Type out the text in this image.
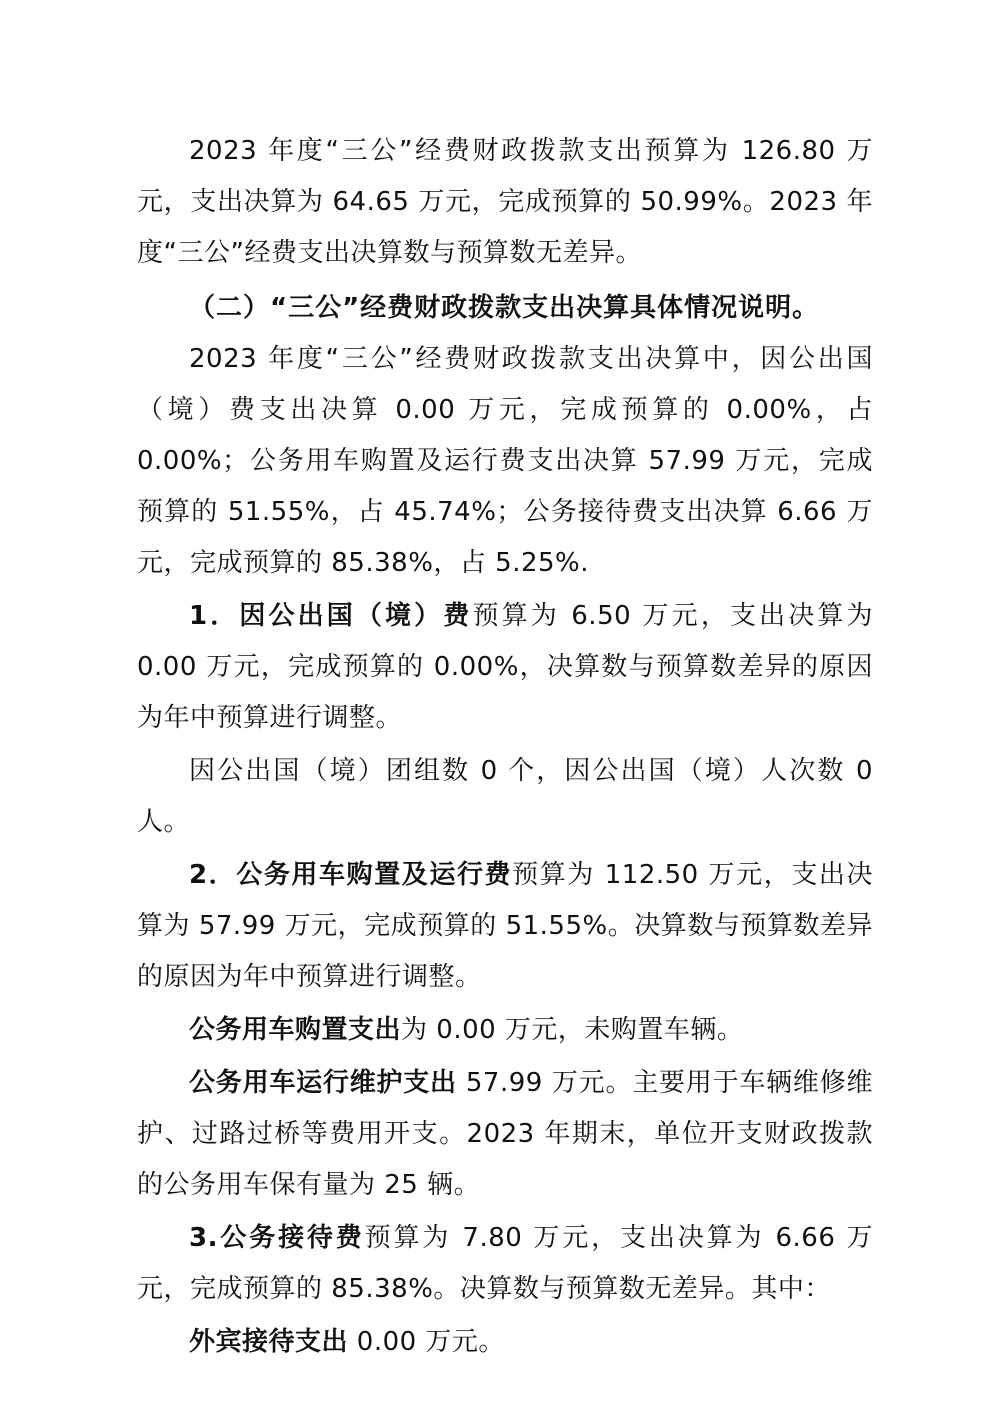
2023 年度“三公”经费财政拨款支出预算为 126.80 万元，支出决算为 64.65 万元，完成预算的 50.99%。2023 年度“三公”经费支出决算数与预算数无差异。

（二）“三公”经费财政拨款支出决算具体情况说明。

2023 年度“三公”经费财政拨款支出决算中，因公出国（境）费支出决算 0.00 万元，完成预算的 0.00%，占 0.00%；公务用车购置及运行费支出决算 57.99 万元，完成预算的 51.55%，占 45.74%；公务接待费支出决算 6.66 万元，完成预算的 85.38%，占 5.25%.

1．因公出国（境）费预算为 6.50 万元，支出决算为 0.00 万元，完成预算的 0.00%，决算数与预算数差异的原因为年中预算进行调整。

因公出国（境）团组数 0 个，因公出国（境）人次数 0 人。

2．公务用车购置及运行费预算为 112.50 万元，支出决算为 57.99 万元，完成预算的 51.55%。决算数与预算数差异的原因为年中预算进行调整。

公务用车购置支出为 0.00 万元，未购置车辆。

公务用车运行维护支出 57.99 万元。主要用于车辆维修维护、过路过桥等费用开支。2023 年期末，单位开支财政拨款的公务用车保有量为 25 辆。

3.公务接待费预算为 7.80 万元，支出决算为 6.66 万元，完成预算的 85.38%。决算数与预算数无差异。其中：

外宾接待支出 0.00 万元。
